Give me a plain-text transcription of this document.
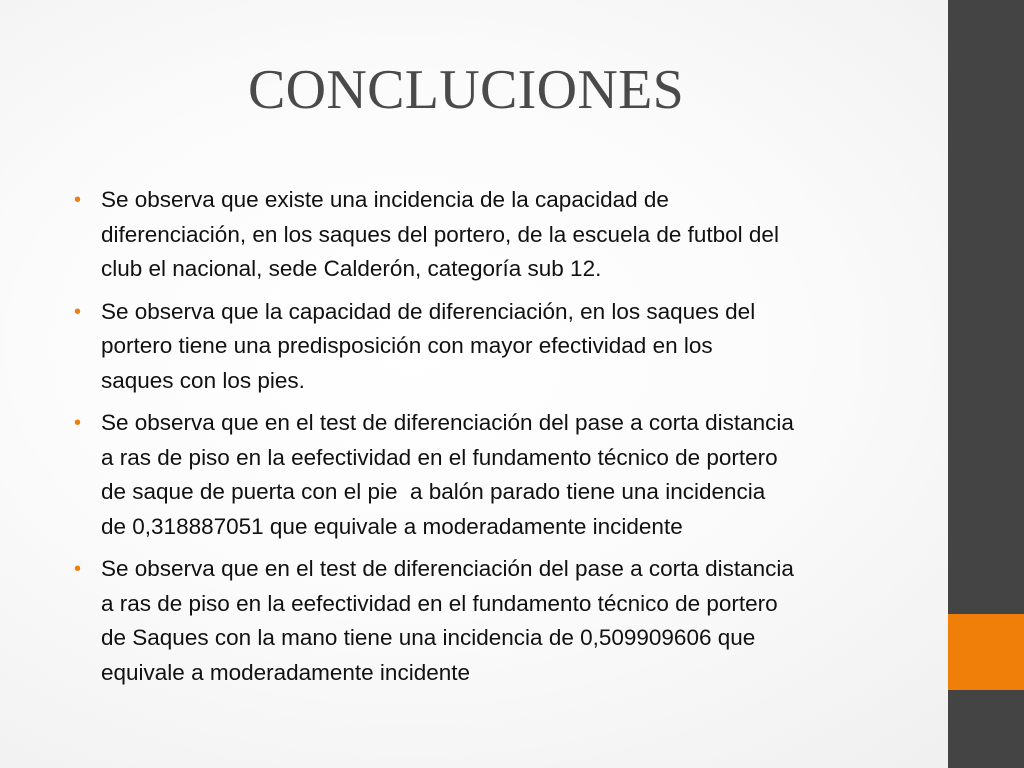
CONCLUCIONES
• Se observa que existe una incidencia de la capacidad de
diferenciación, en los saques del portero, de la escuela de futbol del
club el nacional, sede Calderón, categoría sub 12.
• Se observa que la capacidad de diferenciación, en los saques del
portero tiene una predisposición con mayor efectividad en los
saques con los pies.
• Se observa que en el test de diferenciación del pase a corta distancia
a ras de piso en la eefectividad en el fundamento técnico de portero
de saque de puerta con el pie  a balón parado tiene una incidencia
de 0,318887051 que equivale a moderadamente incidente
• Se observa que en el test de diferenciación del pase a corta distancia
a ras de piso en la eefectividad en el fundamento técnico de portero
de Saques con la mano tiene una incidencia de 0,509909606 que
equivale a moderadamente incidente
